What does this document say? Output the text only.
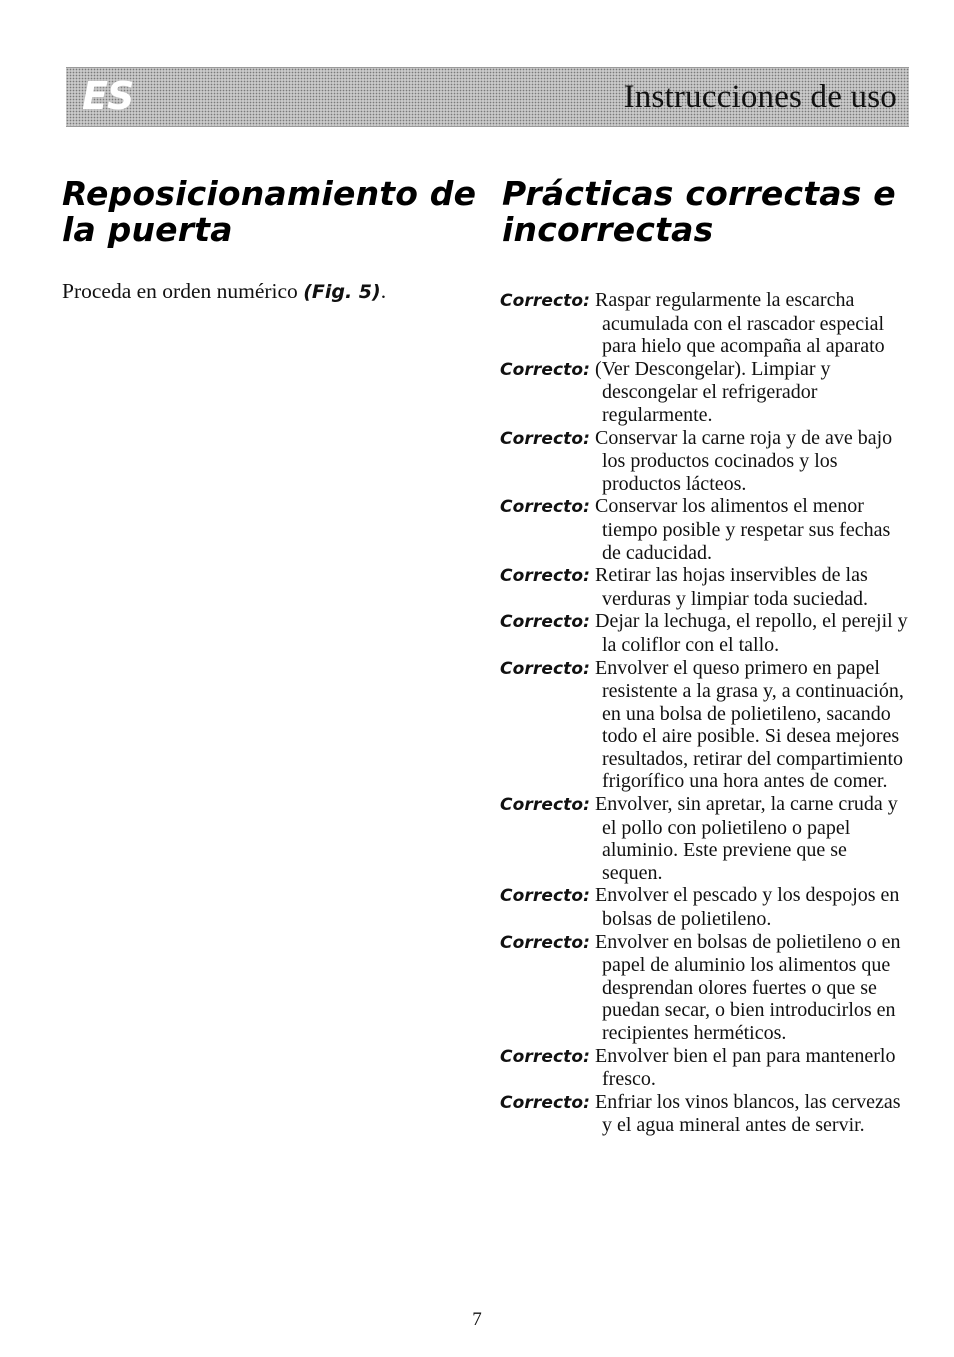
ES	Instrucciones de uso
Reposicionamiento de la puerta

Proceda en orden numérico (Fig. 5).

Prácticas correctas e incorrectas
Correcto: Raspar regularmente la escarcha acumulada con el rascador especial para hielo que acompaña al aparato
Correcto: (Ver Descongelar). Limpiar y descongelar el refrigerador regularmente.
Correcto: Conservar la carne roja y de ave bajo los productos cocinados y los productos lácteos.
Correcto: Conservar los alimentos el menor tiempo posible y respetar sus fechas de caducidad.
Correcto: Retirar las hojas inservibles de las verduras y limpiar toda suciedad.
Correcto: Dejar la lechuga, el repollo, el perejil y la coliflor con el tallo.
Correcto: Envolver el queso primero en papel resistente a la grasa y, a continuación, en una bolsa de polietileno, sacando todo el aire posible. Si desea mejores resultados, retirar del compartimiento frigorífico una hora antes de comer.
Correcto: Envolver, sin apretar, la carne cruda y el pollo con polietileno o papel aluminio. Este previene que se sequen.
Correcto: Envolver el pescado y los despojos en bolsas de polietileno.
Correcto: Envolver en bolsas de polietileno o en papel de aluminio los alimentos que desprendan olores fuertes o que se puedan secar, o bien introducirlos en recipientes herméticos.
Correcto: Envolver bien el pan para mantenerlo fresco.
Correcto: Enfriar los vinos blancos, las cervezas y el agua mineral antes de servir.
7
